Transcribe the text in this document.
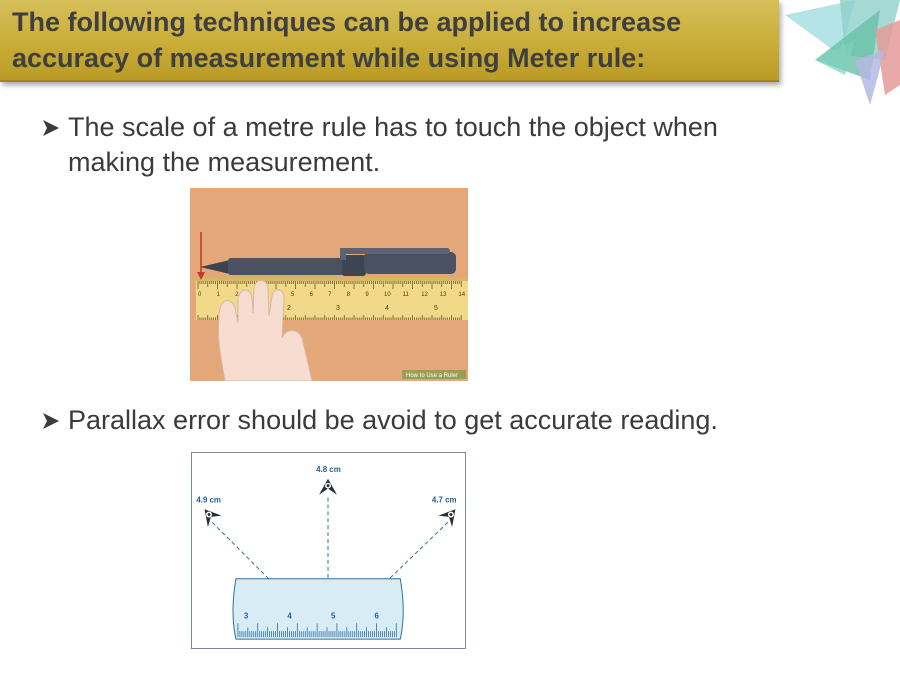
The following techniques can be applied to increase
accuracy of measurement while using Meter rule:
The scale of a metre rule has to touch the object when
making the measurement.
0	1	2	5	6	7	8	9	10 11 12 13 14
2	3	4	5
How to Use a Ruler
Parallax error should be avoid to get accurate reading.
4.8 cm
4.9 cm	4.7 cm
3	4	5	6
